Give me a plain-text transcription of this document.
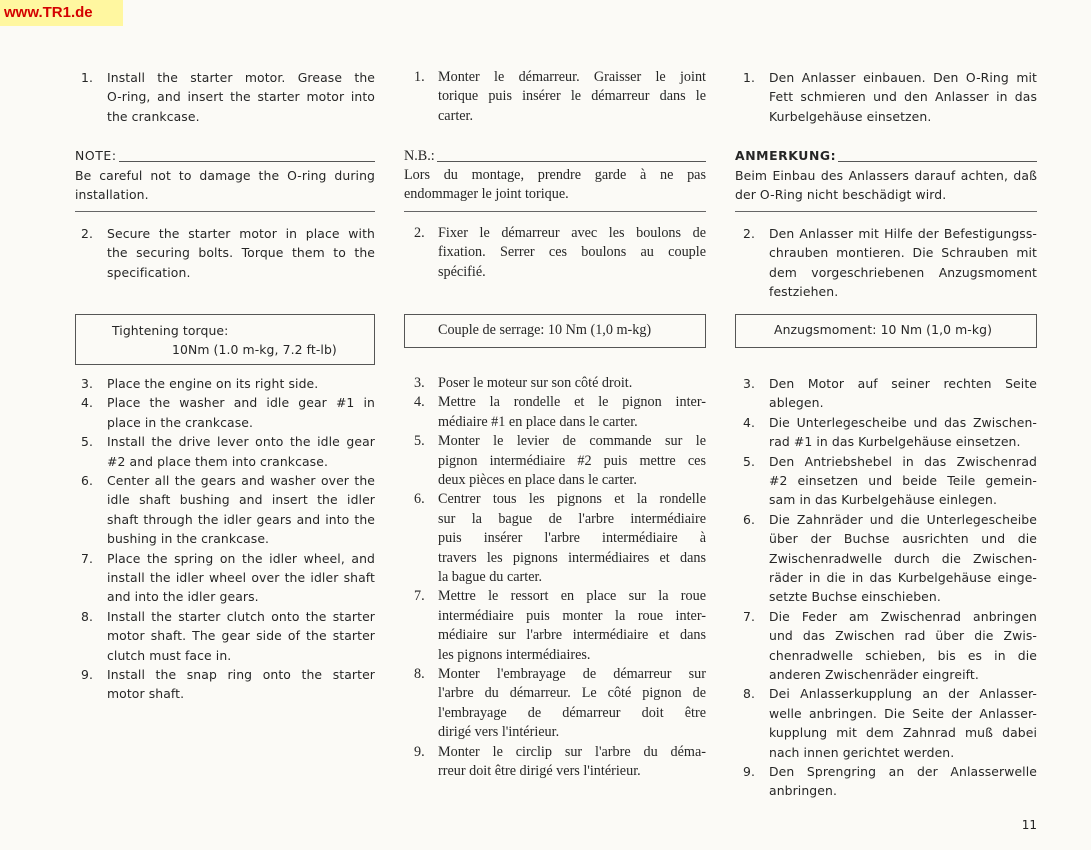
www.TR1.de
1.	Install the starter motor. Grease the
O-ring, and insert the starter motor into
the crankcase.
NOTE:
Be careful not to damage the O-ring during
installation.
2.	Secure the starter motor in place with
the securing bolts. Torque them to the
specification.
Tightening torque:
10Nm (1.0 m-kg, 7.2 ft-lb)
3.	Place the engine on its right side.
4.	Place the washer and idle gear #1 in
place in the crankcase.
5.	Install the drive lever onto the idle gear
#2 and place them into crankcase.
6.	Center all the gears and washer over the
idle shaft bushing and insert the idler
shaft through the idler gears and into the
bushing in the crankcase.
7.	Place the spring on the idler wheel, and
install the idler wheel over the idler shaft
and into the idler gears.
8.	Install the starter clutch onto the starter
motor shaft. The gear side of the starter
clutch must face in.
9.	Install the snap ring onto the starter
motor shaft.
1. Monter le démarreur. Graisser le joint
torique puis insérer le démarreur dans le
carter.
N.B.:
Lors du montage, prendre garde à ne pas
endommager le joint torique.
2. Fixer le démarreur avec les boulons de
fixation. Serrer ces boulons au couple
spécifié.
Couple de serrage: 10 Nm (1,0 m-kg)
3. Poser le moteur sur son côté droit.
4. Mettre la rondelle et le pignon inter-
médiaire #1 en place dans le carter.
5. Monter le levier de commande sur le
pignon intermédiaire #2 puis mettre ces
deux pièces en place dans le carter.
6. Centrer tous les pignons et la rondelle
sur la bague de l'arbre intermédiaire
puis insérer l'arbre intermédiaire à
travers les pignons intermédiaires et dans
la bague du carter.
7. Mettre le ressort en place sur la roue
intermédiaire puis monter la roue inter-
médiaire sur l'arbre intermédiaire et dans
les pignons intermédiaires.
8. Monter l'embrayage de démarreur sur
l'arbre du démarreur. Le côté pignon de
l'embrayage de démarreur doit être
dirigé vers l'intérieur.
9. Monter le circlip sur l'arbre du déma-
rreur doit être dirigé vers l'intérieur.
1.	Den Anlasser einbauen. Den O-Ring mit
Fett schmieren und den Anlasser in das
Kurbelgehäuse einsetzen.
ANMERKUNG:
Beim Einbau des Anlassers darauf achten, daß
der O-Ring nicht beschädigt wird.
2.	Den Anlasser mit Hilfe der Befestigungss-
chrauben montieren. Die Schrauben mit
dem vorgeschriebenen Anzugsmoment
festziehen.
Anzugsmoment: 10 Nm (1,0 m-kg)
3.	Den Motor auf seiner rechten Seite
ablegen.
4.	Die Unterlegescheibe und das Zwischen-
rad #1 in das Kurbelgehäuse einsetzen.
5.	Den Antriebshebel in das Zwischenrad
#2 einsetzen und beide Teile gemein-
sam in das Kurbelgehäuse einlegen.
6.	Die Zahnräder und die Unterlegescheibe
über der Buchse ausrichten und die
Zwischenradwelle durch die Zwischen-
räder in die in das Kurbelgehäuse einge-
setzte Buchse einschieben.
7.	Die Feder am Zwischenrad anbringen
und das Zwischen rad über die Zwis-
chenradwelle schieben, bis es in die
anderen Zwischenräder eingreift.
8.	Dei Anlasserkupplung an der Anlasser-
welle anbringen. Die Seite der Anlasser-
kupplung mit dem Zahnrad muß dabei
nach innen gerichtet werden.
9.	Den Sprengring an der Anlasserwelle
anbringen.
11
